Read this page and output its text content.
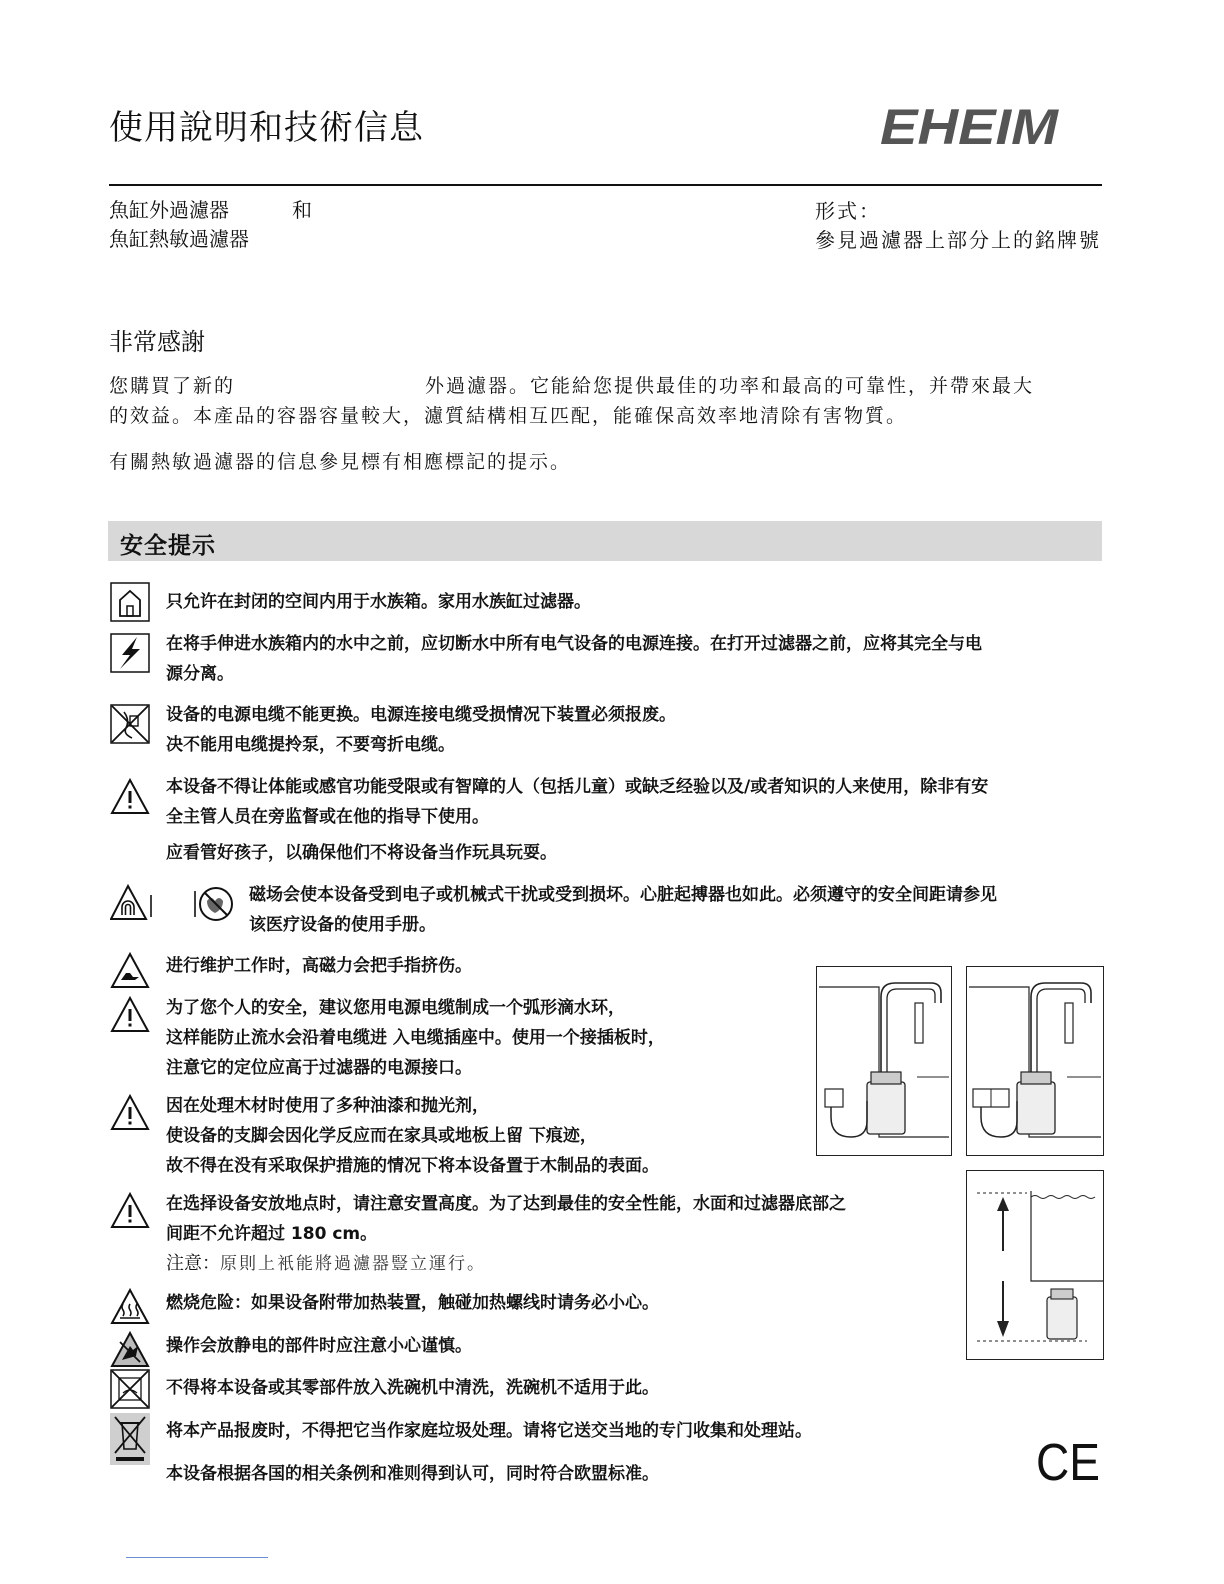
使用說明和技術信息	EHEIM
魚缸外過濾器	和
魚缸熱敏過濾器
形式：
參見過濾器上部分上的銘牌號
非常感謝
您購買了新的	外過濾器。它能給您提供最佳的功率和最高的可靠性，并帶來最大
的效益。本產品的容器容量較大，濾質結構相互匹配，能確保高效率地清除有害物質。
有關熱敏過濾器的信息參見標有相應標記的提示。
安全提示
只允许在封闭的空间内用于水族箱。家用水族缸过滤器。
在将手伸进水族箱内的水中之前，应切断水中所有电气设备的电源连接。在打开过滤器之前，应将其完全与电
源分离。
设备的电源电缆不能更换。电源连接电缆受损情况下装置必须报废。
决不能用电缆提拎泵，不要弯折电缆。
本设备不得让体能或感官功能受限或有智障的人（包括儿童）或缺乏经验以及/或者知识的人来使用，除非有安
全主管人员在旁监督或在他的指导下使用。
应看管好孩子，以确保他们不将设备当作玩具玩耍。
磁场会使本设备受到电子或机械式干扰或受到损坏。心脏起搏器也如此。必须遵守的安全间距请参见
该医疗设备的使用手册。
进行维护工作时，高磁力会把手指挤伤。
为了您个人的安全，建议您用电源电缆制成一个弧形滴水环，
这样能防止流水会沿着电缆进 入电缆插座中。使用一个接插板时，
注意它的定位应高于过滤器的电源接口。
因在处理木材时使用了多种油漆和抛光剂，
使设备的支脚会因化学反应而在家具或地板上留 下痕迹，
故不得在没有采取保护措施的情况下将本设备置于木制品的表面。
在选择设备安放地点时，请注意安置高度。为了达到最佳的安全性能，水面和过滤器底部之
间距不允许超过 180 cm。
注意：原則上衹能將過濾器豎立運行。
燃烧危险：如果设备附带加热装置，触碰加热螺线时请务必小心。
操作会放静电的部件时应注意小心谨慎。
不得将本设备或其零部件放入洗碗机中清洗，洗碗机不适用于此。
将本产品报废时，不得把它当作家庭垃圾处理。请将它送交当地的专门收集和处理站。
本设备根据各国的相关条例和准则得到认可，同时符合欧盟标准。	CE
